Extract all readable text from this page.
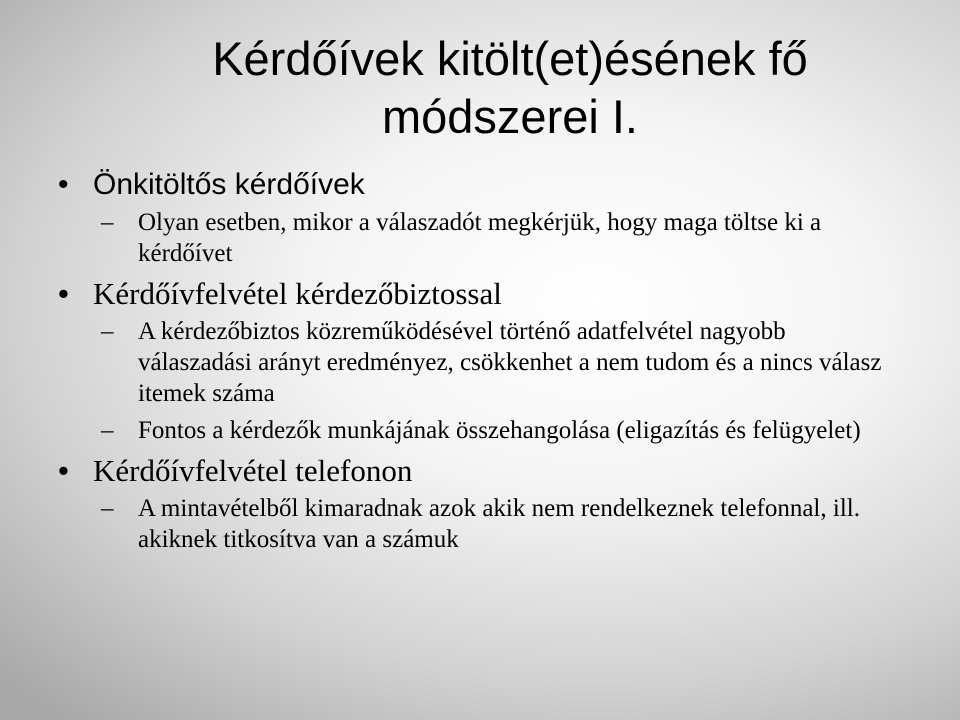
Kérdőívek kitölt(et)ésének fő
módszerei I.
• Önkitöltős kérdőívek
– Olyan esetben, mikor a válaszadót megkérjük, hogy maga töltse ki a kérdőívet
• Kérdőívfelvétel kérdezőbiztossal
– A kérdezőbiztos közreműködésével történő adatfelvétel nagyobb válaszadási arányt eredményez, csökkenhet a nem tudom és a nincs válasz itemek száma
– Fontos a kérdezők munkájának összehangolása (eligazítás és felügyelet)
• Kérdőívfelvétel telefonon
– A mintavételből kimaradnak azok akik nem rendelkeznek telefonnal, ill. akiknek titkosítva van a számuk
